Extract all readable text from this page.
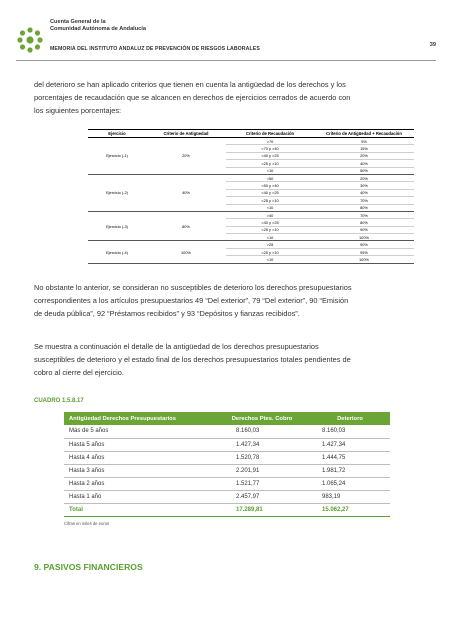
Cuenta General de la
Comunidad Autónoma de Andalucía
MEMORIA DEL INSTITUTO ANDALUZ DE PREVENCIÓN DE RIESGOS LABORALES
39
del deterioro se han aplicado criterios que tienen en cuenta la antigüedad de los derechos y los
porcentajes de recaudación que se alcancen en derechos de ejercicios cerrados de acuerdo con
los siguientes porcentajes:
Ejercicio	Criterio de Antigüedad	Criterio de Recaudación	Criterio de Antigüedad + Recaudación
Ejercicio (-1)	20%	>70	5%
		<70 y >40	15%
		<40 y >25	20%
		<25 y >10	40%
		<10	50%
Ejercicio (-2)	40%	>50	20%
		<50 y >40	30%
		<40 y >25	40%
		<25 y >10	70%
		<10	80%
Ejercicio (-3)	80%	>40	70%
		<40 y >25	80%
		<25 y >10	90%
		<10	100%
Ejercicio (-4)	100%	>25	90%
		<25 y >10	95%
		<10	100%
No obstante lo anterior, se consideran no susceptibles de deterioro los derechos presupuestarios
correspondientes a los artículos presupuestarios 49 “Del exterior”, 79 “Del exterior”, 90 “Emisión
de deuda pública”, 92 “Préstamos recibidos” y 93 “Depósitos y fianzas recibidos”.
Se muestra a continuación el detalle de la antigüedad de los derechos presupuestarios
susceptibles de deterioro y el estado final de los derechos presupuestarios totales pendientes de
cobro al cierre del ejercicio.
CUADRO 1.5.8.17
Antigüedad Derechos Presupuestarios	Derechos Ptes. Cobro	Deterioro
Más de 5 años	8.160,03	8.160,03
Hasta 5 años	1.427,34	1.427,34
Hasta 4 años	1.520,78	1.444,75
Hasta 3 años	2.201,91	1.981,72
Hasta 2 años	1.521,77	1.065,24
Hasta 1 año	2.457,97	983,19
Total	17.289,81	15.062,27
Cifras en miles de euros
9. PASIVOS FINANCIEROS
